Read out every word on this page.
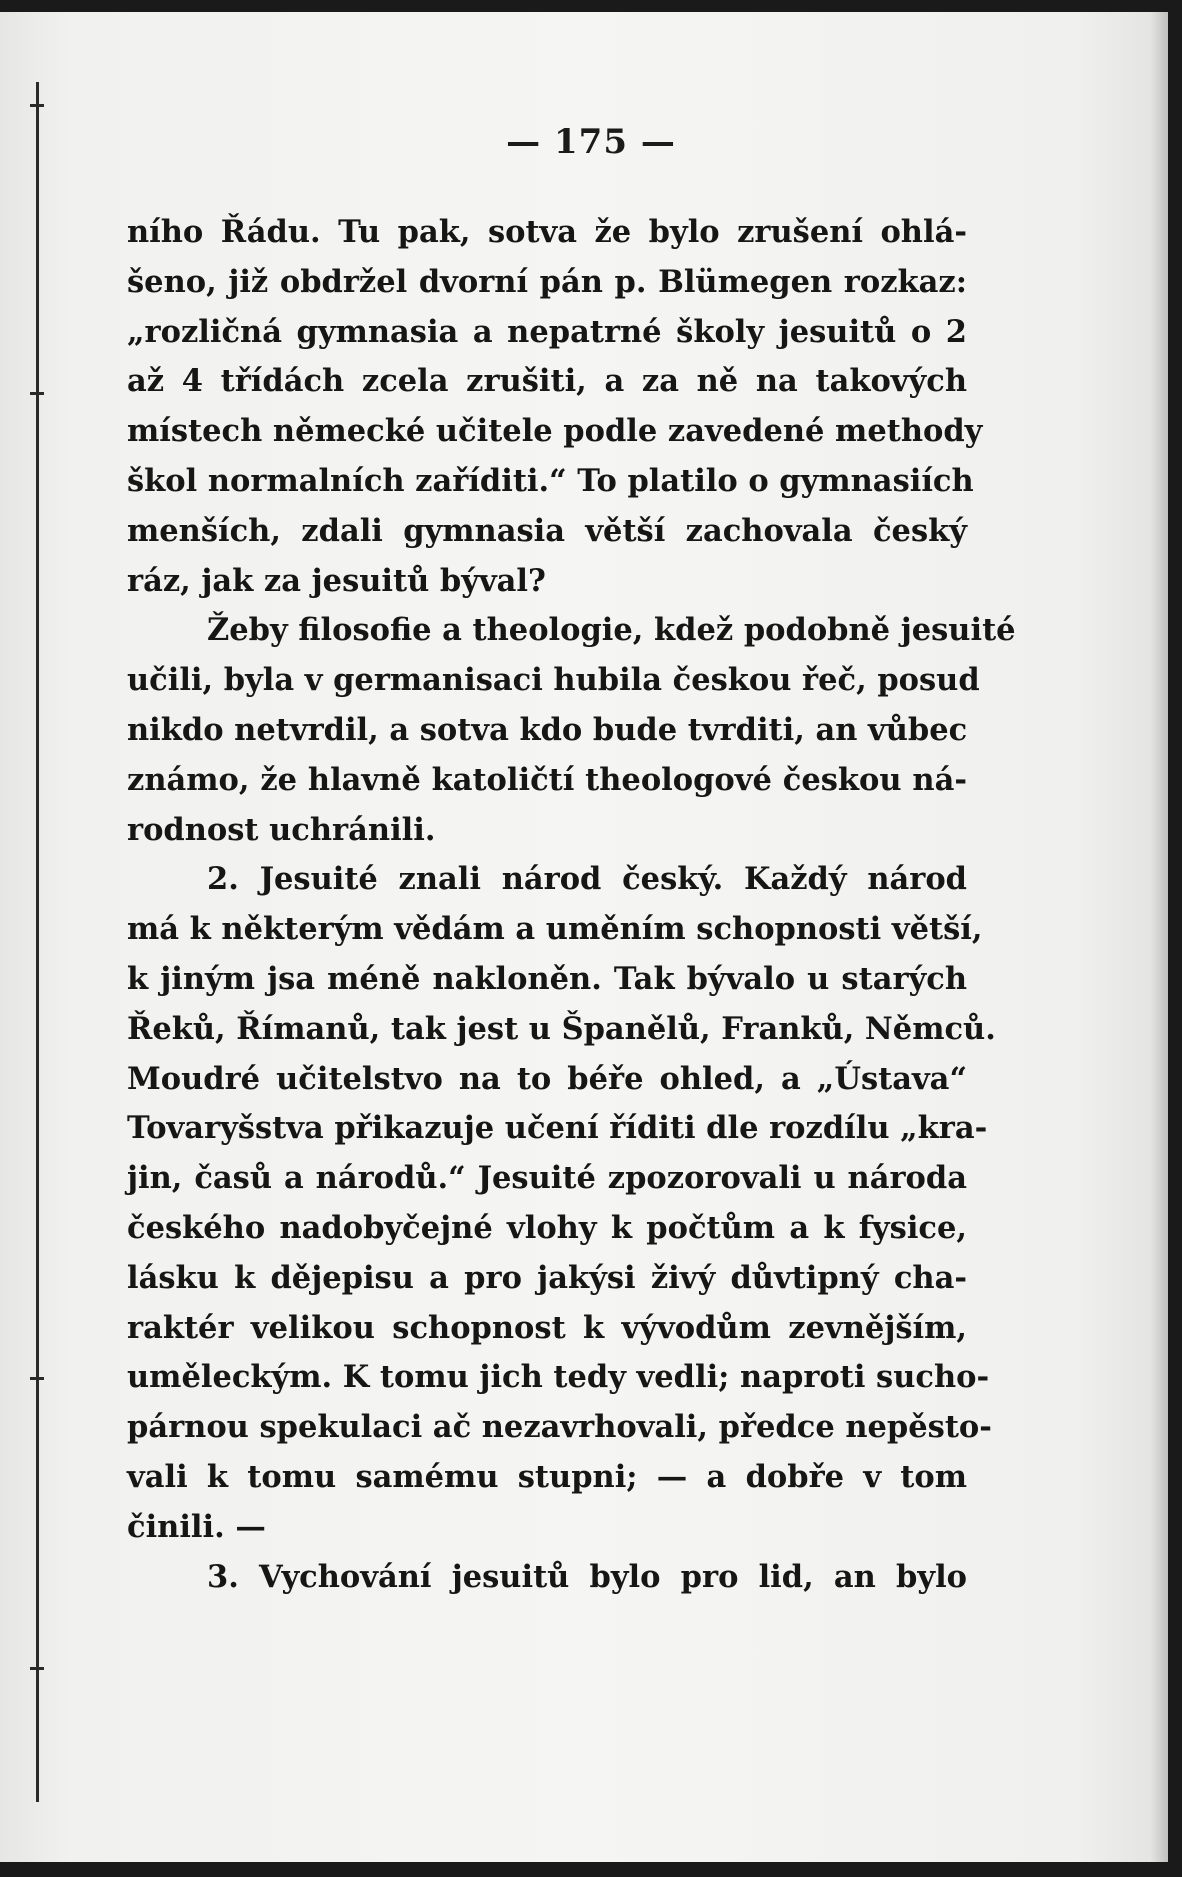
— 175 —
ního Řádu. Tu pak, sotva že bylo zrušení ohlá-
šeno, již obdržel dvorní pán p. Blümegen rozkaz:
„rozličná gymnasia a nepatrné školy jesuitů o 2
až 4 třídách zcela zrušiti, a za ně na takových
místech německé učitele podle zavedené methody
škol normalních zaříditi.“ To platilo o gymnasiích
menších, zdali gymnasia větší zachovala český
ráz, jak za jesuitů býval?
Žeby filosofie a theologie, kdež podobně jesuité
učili, byla v germanisaci hubila českou řeč, posud
nikdo netvrdil, a sotva kdo bude tvrditi, an vůbec
známo, že hlavně katoličtí theologové českou ná-
rodnost uchránili.
2. Jesuité znali národ český. Každý národ
má k některým vědám a uměním schopnosti větší,
k jiným jsa méně nakloněn. Tak bývalo u starých
Řeků, Římanů, tak jest u Španělů, Franků, Němců.
Moudré učitelstvo na to béře ohled, a „Ústava“
Tovaryšstva přikazuje učení říditi dle rozdílu „kra-
jin, časů a národů.“ Jesuité zpozorovali u národa
českého nadobyčejné vlohy k počtům a k fysice,
lásku k dějepisu a pro jakýsi živý důvtipný cha-
raktér velikou schopnost k vývodům zevnějším,
uměleckým. K tomu jich tedy vedli; naproti sucho-
párnou spekulaci ač nezavrhovali, předce nepěsto-
vali k tomu samému stupni; — a dobře v tom
činili. —
3. Vychování jesuitů bylo pro lid, an bylo
